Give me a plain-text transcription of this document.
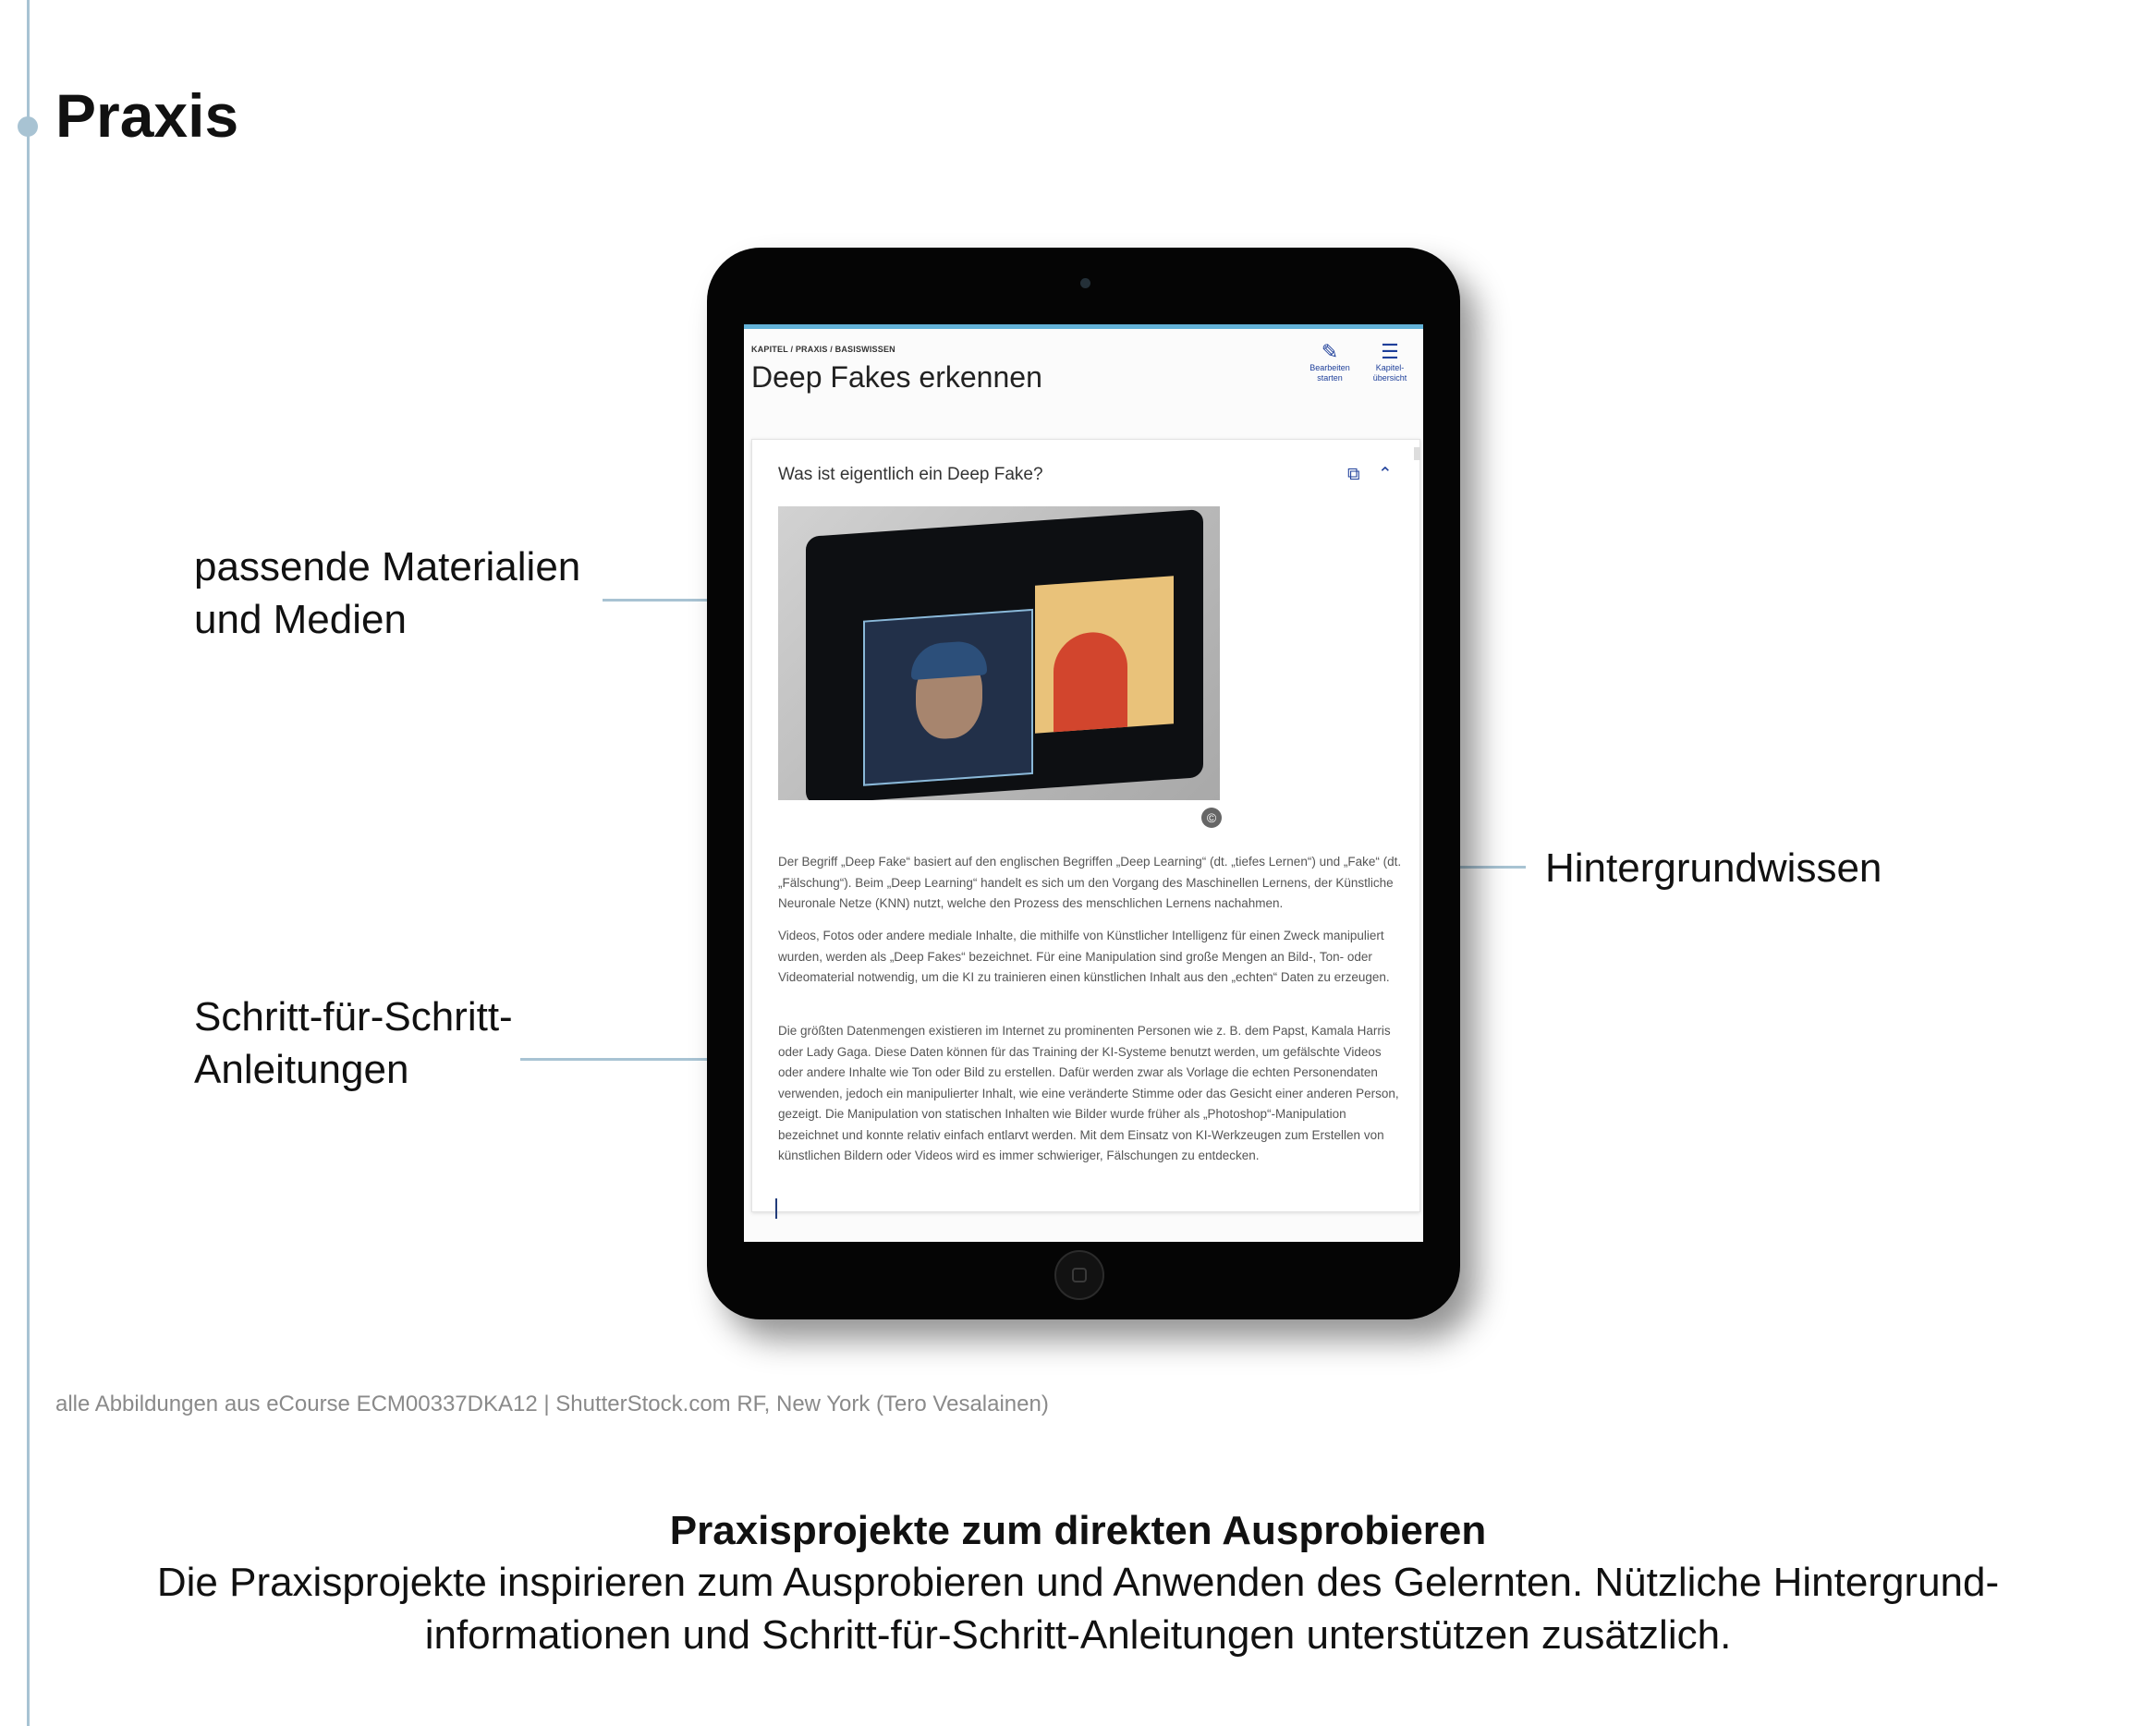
Praxis
passende Materialien
und Medien
Schritt-für-Schritt-
Anleitungen
Hintergrundwissen
KAPITEL / PRAXIS / BASISWISSEN
Deep Fakes erkennen
✎
Bearbeiten
starten
☰
Kapitel-
übersicht
Was ist eigentlich ein Deep Fake?	⧉ ⌃
©

Der Begriff „Deep Fake“ basiert auf den englischen Begriffen „Deep Learning“ (dt. „tiefes Lernen“) und „Fake“ (dt. „Fälschung“). Beim „Deep Learning“ handelt es sich um den Vorgang des Maschinellen Lernens, der Künstliche Neuronale Netze (KNN) nutzt, welche den Prozess des menschlichen Lernens nachahmen.

Videos, Fotos oder andere mediale Inhalte, die mithilfe von Künstlicher Intelligenz für einen Zweck manipuliert wurden, werden als „Deep Fakes“ bezeichnet. Für eine Manipulation sind große Mengen an Bild-, Ton- oder Videomaterial notwendig, um die KI zu trainieren einen künstlichen Inhalt aus den „echten“ Daten zu erzeugen.

Die größten Datenmengen existieren im Internet zu prominenten Personen wie z. B. dem Papst, Kamala Harris oder Lady Gaga. Diese Daten können für das Training der KI-Systeme benutzt werden, um gefälschte Videos oder andere Inhalte wie Ton oder Bild zu erstellen. Dafür werden zwar als Vorlage die echten Personendaten verwenden, jedoch ein manipulierter Inhalt, wie eine veränderte Stimme oder das Gesicht einer anderen Person, gezeigt. Die Manipulation von statischen Inhalten wie Bilder wurde früher als „Photoshop“-Manipulation bezeichnet und konnte relativ einfach entlarvt werden. Mit dem Einsatz von KI-Werkzeugen zum Erstellen von künstlichen Bildern oder Videos wird es immer schwieriger, Fälschungen zu entdecken.

alle Abbildungen aus eCourse ECM00337DKA12 | ShutterStock.com RF, New York (Tero Vesalainen)
Praxisprojekte zum direkten Ausprobieren

Die Praxisprojekte inspirieren zum Ausprobieren und Anwenden des Gelernten. Nützliche Hintergrundinformationen und Schritt-für-Schritt-Anleitungen unterstützen zusätzlich.
